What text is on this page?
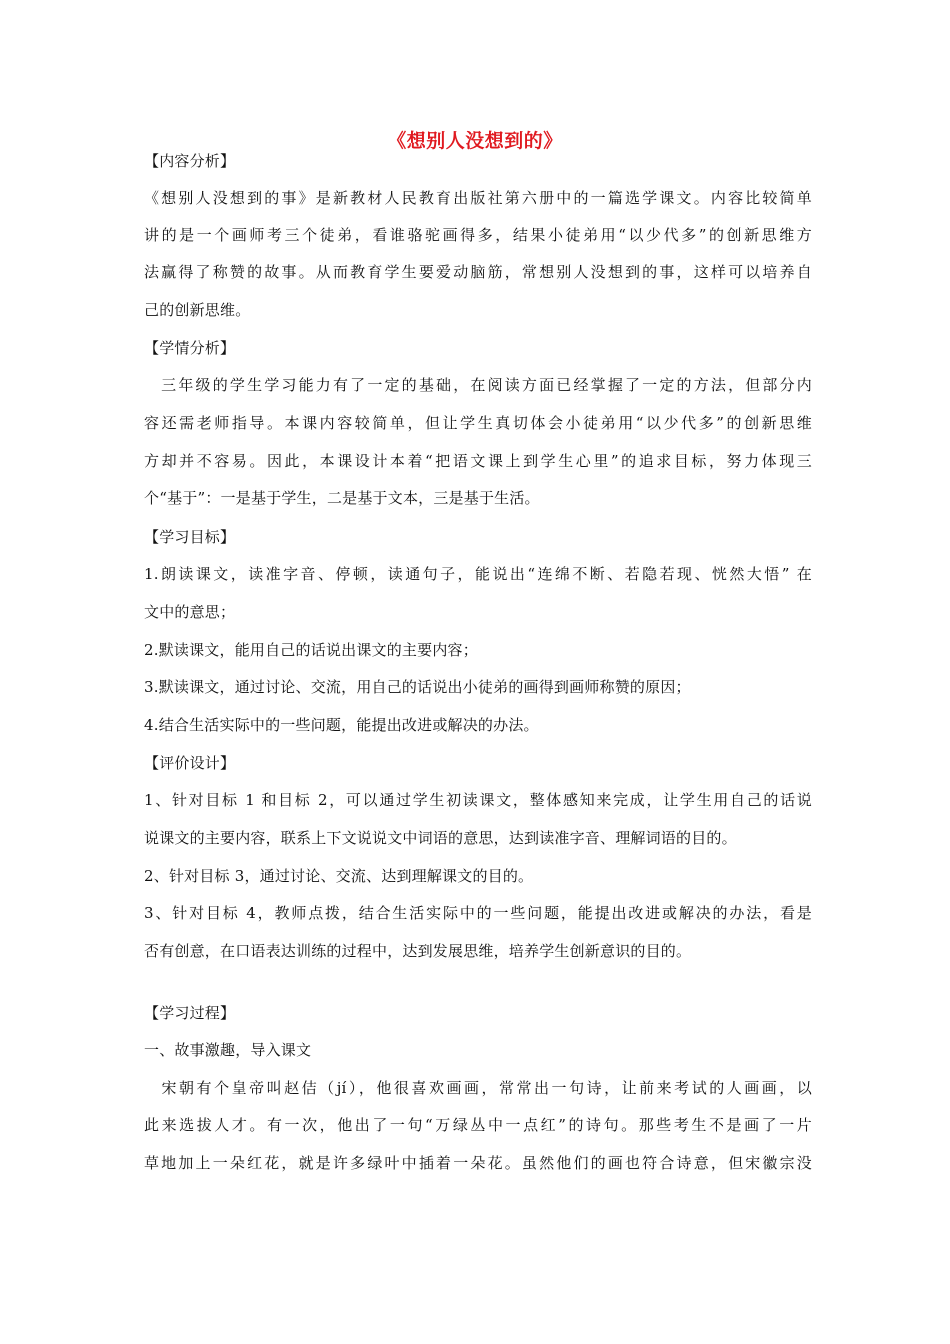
《想别人没想到的》
【内容分析】
《想别人没想到的事》是新教材人民教育出版社第六册中的一篇选学课文。内容比较简单
讲的是一个画师考三个徒弟，看谁骆驼画得多，结果小徒弟用“以少代多”的创新思维方
法赢得了称赞的故事。从而教育学生要爱动脑筋，常想别人没想到的事，这样可以培养自
己的创新思维。
【学情分析】
　三年级的学生学习能力有了一定的基础，在阅读方面已经掌握了一定的方法，但部分内
容还需老师指导。本课内容较简单，但让学生真切体会小徒弟用“以少代多”的创新思维
方却并不容易。因此，本课设计本着“把语文课上到学生心里”的追求目标，努力体现三
个“基于”：一是基于学生，二是基于文本，三是基于生活。
【学习目标】
1.朗读课文，读准字音、停顿，读通句子，能说出“连绵不断、若隐若现、恍然大悟” 在
文中的意思；
2.默读课文，能用自己的话说出课文的主要内容；
3.默读课文，通过讨论、交流，用自己的话说出小徒弟的画得到画师称赞的原因；
4.结合生活实际中的一些问题，能提出改进或解决的办法。
【评价设计】
1、针对目标 1 和目标 2，可以通过学生初读课文，整体感知来完成，让学生用自己的话说
说课文的主要内容，联系上下文说说文中词语的意思，达到读准字音、理解词语的目的。
2、针对目标 3，通过讨论、交流、达到理解课文的目的。
3、针对目标 4，教师点拨，结合生活实际中的一些问题，能提出改进或解决的办法，看是
否有创意，在口语表达训练的过程中，达到发展思维，培养学生创新意识的目的。
【学习过程】
一、故事激趣，导入课文
　宋朝有个皇帝叫赵佶（jí），他很喜欢画画，常常出一句诗，让前来考试的人画画，以
此来选拔人才。有一次，他出了一句“万绿丛中一点红”的诗句。那些考生不是画了一片
草地加上一朵红花，就是许多绿叶中插着一朵花。虽然他们的画也符合诗意，但宋徽宗没
